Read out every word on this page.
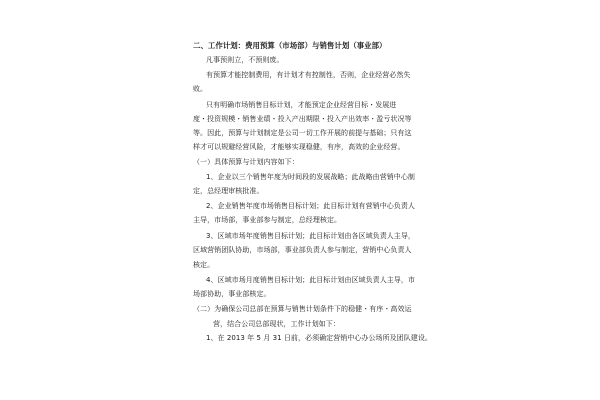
二、工作计划：费用预算（市场部）与销售计划（事业部）
凡事预则立，不预则废。
有预算才能控制费用，有计划才有控制性，否则，企业经营必然失
败。
只有明确市场销售目标计划，才能预定企业经营目标・发展进
度・投资规模・销售业绩・投入产出期限・投入产出效率・盈亏状况等
等。因此，预算与计划制定是公司一切工作开展的前提与基础；只有这
样才可以规避经营风险，才能够实现稳健，有序，高效的企业经营。
（一）具体预算与计划内容如下：
1、企业以三个销售年度为时间段的发展战略；此战略由营销中心制
定，总经理审核批准。
2、企业销售年度市场销售目标计划；此目标计划有营销中心负责人
主导，市场部，事业部参与制定，总经理核定。
3、区域市场年度销售目标计划；此目标计划由各区域负责人主导，
区域营销团队协助，市场部，事业部负责人参与制定，营销中心负责人
核定。
4、区域市场月度销售目标计划；此目标计划由区域负责人主导，市
场部协助，事业部核定。
（二）为确保公司总部在预算与销售计划条件下的稳健・有序・高效运
营，结合公司总部现状，工作计划如下：
1、在 2013 年 5 月 31 日前，必须确定营销中心办公场所及团队建设。
